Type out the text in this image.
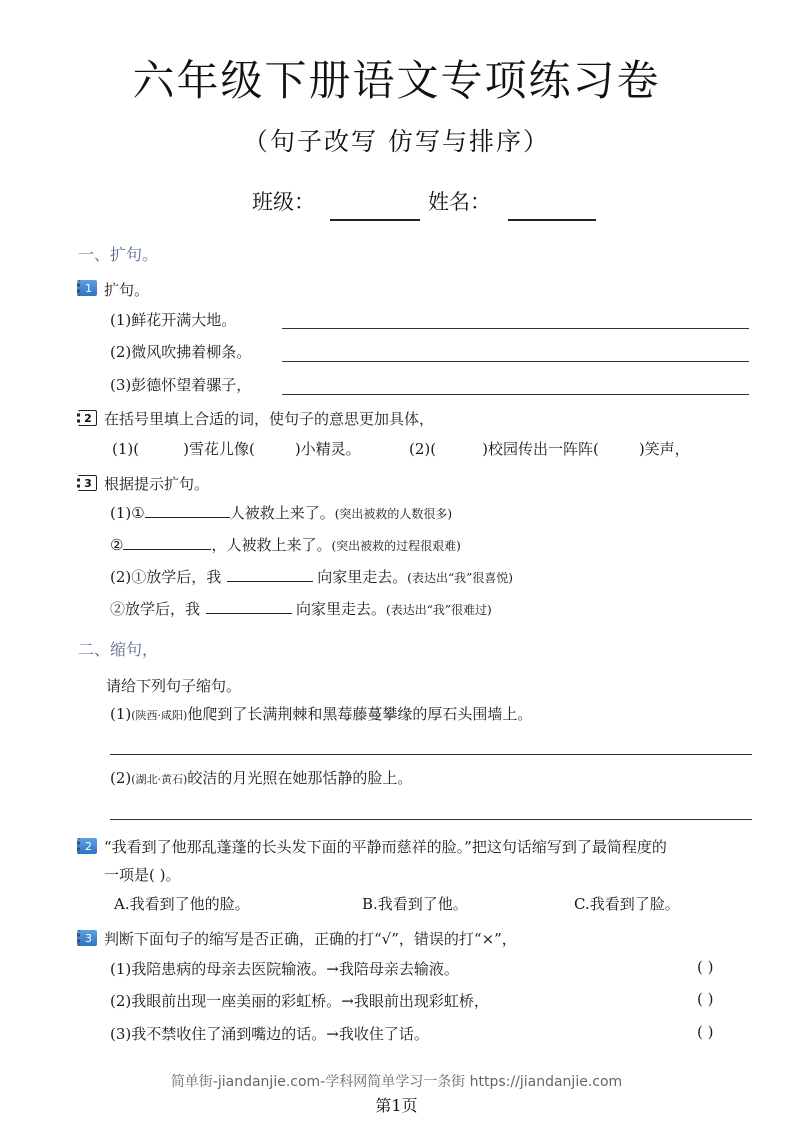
六年级下册语文专项练习卷
（句子改写 仿写与排序）
班级：	姓名：
一、扩句。
1 扩句。
(1)鲜花开满大地。
(2)微风吹拂着柳条。
(3)彭德怀望着骡子，
2 在括号里填上合适的词，使句子的意思更加具体，
(1)(	)雪花儿像(	)小精灵。	(2)(	)校园传出一阵阵(	)笑声，
3 根据提示扩句。
(1)①	人被救上来了。(突出被救的人数很多)
②	，人被救上来了。(突出被救的过程很艰难)
(2)①放学后，我	向家里走去。(表达出“我”很喜悦)
②放学后，我	向家里走去。(表达出“我”很难过)
二、缩句，
请给下列句子缩句。
(1)(陕西·咸阳)他爬到了长满荆棘和黑莓藤蔓攀缘的厚石头围墙上。
(2)(湖北·黄石)皎洁的月光照在她那恬静的脸上。
2 “我看到了他那乱蓬蓬的长头发下面的平静而慈祥的脸。”把这句话缩写到了最简程度的
一项是( )。
A.我看到了他的脸。	B.我看到了他。	C.我看到了脸。
3 判断下面句子的缩写是否正确，正确的打“√”，错误的打“×”，
(1)我陪患病的母亲去医院输液。→我陪母亲去输液。	( )
(2)我眼前出现一座美丽的彩虹桥。→我眼前出现彩虹桥，	( )
(3)我不禁收住了涌到嘴边的话。→我收住了话。	( )
简单街-jiandanjie.com-学科网简单学习一条街 https://jiandanjie.com
第1页
